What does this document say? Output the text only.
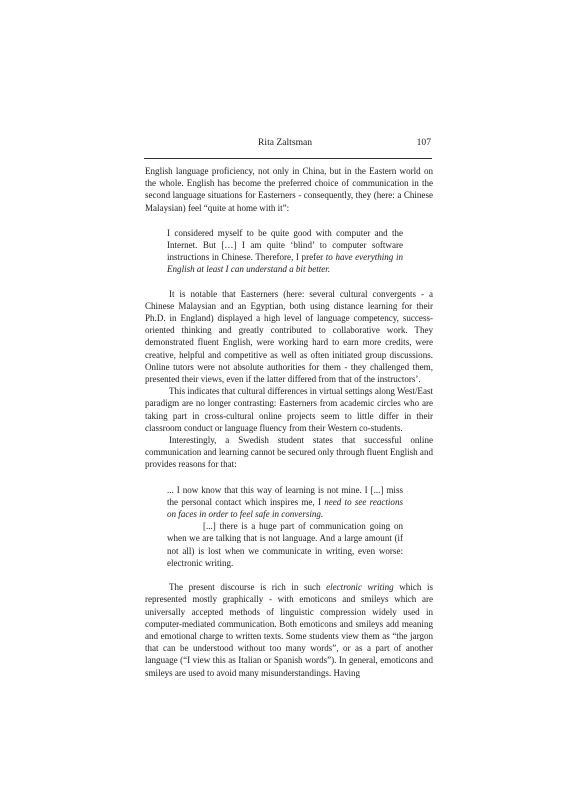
Rita Zaltsman	107

English language proficiency, not only in China, but in the Eastern world on the whole. English has become the preferred choice of communication in the second language situations for Easterners - consequently, they (here: a Chinese Malaysian) feel “quite at home with it”:

I considered myself to be quite good with computer and the Internet. But […] I am quite ‘blind’ to computer software instructions in Chinese. Therefore, I prefer to have everything in English at least I can understand a bit better.

It is notable that Easterners (here: several cultural convergents - a Chinese Malaysian and an Egyptian, both using distance learning for their Ph.D. in England) displayed a high level of language competency, success-oriented thinking and greatly contributed to collaborative work. They demonstrated fluent English, were working hard to earn more credits, were creative, helpful and competitive as well as often initiated group discussions. Online tutors were not absolute authorities for them - they challenged them, presented their views, even if the latter differed from that of the instructors’.

This indicates that cultural differences in virtual settings along West/East paradigm are no longer contrasting: Easterners from academic circles who are taking part in cross-cultural online projects seem to little differ in their classroom conduct or language fluency from their Western co-students.

Interestingly, a Swedish student states that successful online communication and learning cannot be secured only through fluent English and provides reasons for that:

... I now know that this way of learning is not mine. I [...] miss the personal contact which inspires me, I need to see reactions on faces in order to feel safe in conversing.

[...] there is a huge part of communication going on when we are talking that is not language. And a large amount (if not all) is lost when we communicate in writing, even worse: electronic writing.

The present discourse is rich in such electronic writing which is represented mostly graphically - with emoticons and smileys which are universally accepted methods of linguistic compression widely used in computer-mediated communication. Both emoticons and smileys add meaning and emotional charge to written texts. Some students view them as “the jargon that can be understood without too many words”, or as a part of another language (“I view this as Italian or Spanish words”). In general, emoticons and smileys are used to avoid many misunderstandings. Having
